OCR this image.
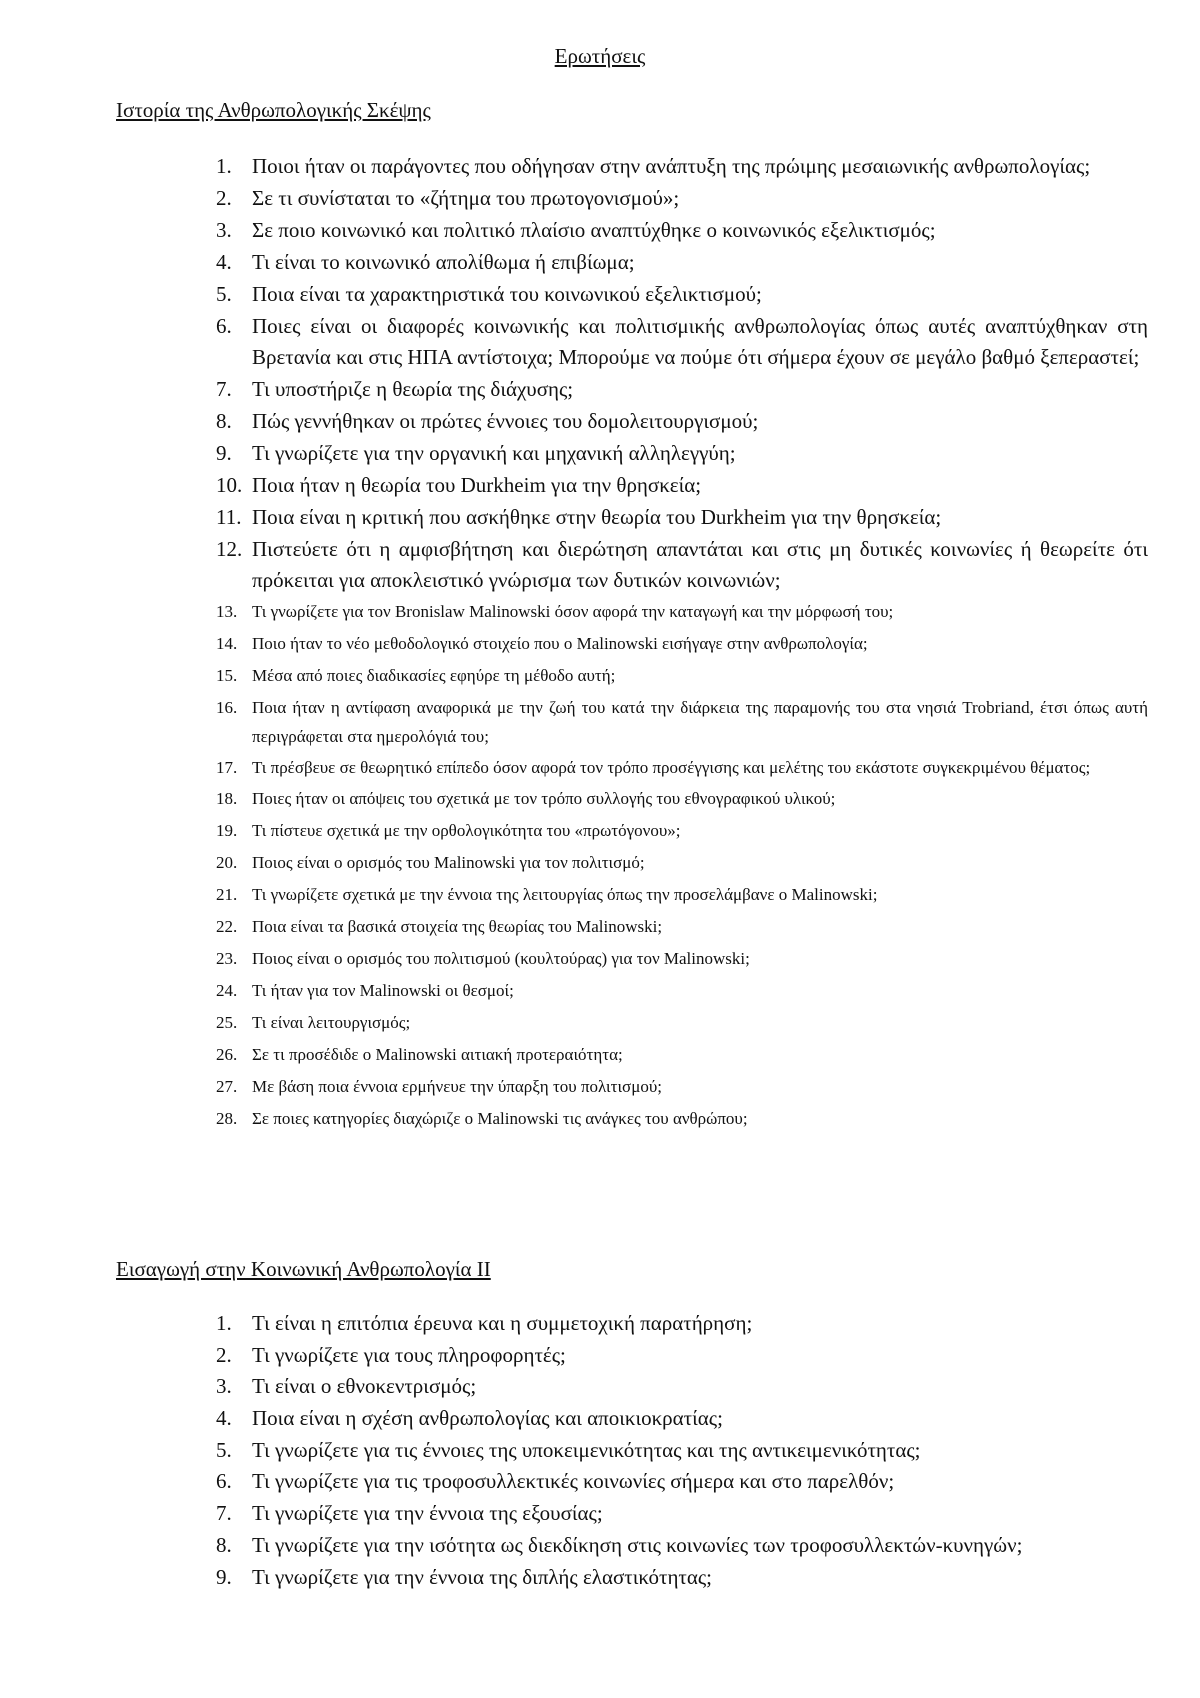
Ερωτήσεις
Ιστορία της Ανθρωπολογικής Σκέψης
1. Ποιοι ήταν οι παράγοντες που οδήγησαν στην ανάπτυξη της πρώιμης μεσαιωνικής ανθρωπολογίας;
2. Σε τι συνίσταται το «ζήτημα του πρωτογονισμού»;
3. Σε ποιο κοινωνικό και πολιτικό πλαίσιο αναπτύχθηκε ο κοινωνικός εξελικτισμός;
4. Τι είναι το κοινωνικό απολίθωμα ή επιβίωμα;
5. Ποια είναι τα χαρακτηριστικά του κοινωνικού εξελικτισμού;
6. Ποιες είναι οι διαφορές κοινωνικής και πολιτισμικής ανθρωπολογίας όπως αυτές αναπτύχθηκαν στη Βρετανία και στις ΗΠΑ αντίστοιχα; Μπορούμε να πούμε ότι σήμερα έχουν σε μεγάλο βαθμό ξεπεραστεί;
7. Τι υποστήριζε η θεωρία της διάχυσης;
8. Πώς γεννήθηκαν οι πρώτες έννοιες του δομολειτουργισμού;
9. Τι γνωρίζετε για την οργανική και μηχανική αλληλεγγύη;
10. Ποια ήταν η θεωρία του Durkheim για την θρησκεία;
11. Ποια είναι η κριτική που ασκήθηκε στην θεωρία του Durkheim για την θρησκεία;
12. Πιστεύετε ότι η αμφισβήτηση και διερώτηση απαντάται και στις μη δυτικές κοινωνίες ή θεωρείτε ότι πρόκειται για αποκλειστικό γνώρισμα των δυτικών κοινωνιών;
13. Τι γνωρίζετε για τον Bronislaw Malinowski όσον αφορά την καταγωγή και την μόρφωσή του;
14. Ποιο ήταν το νέο μεθοδολογικό στοιχείο που ο Malinowski εισήγαγε στην ανθρωπολογία;
15. Μέσα από ποιες διαδικασίες εφηύρε τη μέθοδο αυτή;
16. Ποια ήταν η αντίφαση αναφορικά με την ζωή του κατά την διάρκεια της παραμονής του στα νησιά Trobriand, έτσι όπως αυτή περιγράφεται στα ημερολόγιά του;
17. Τι πρέσβευε σε θεωρητικό επίπεδο όσον αφορά τον τρόπο προσέγγισης και μελέτης του εκάστοτε συγκεκριμένου θέματος;
18. Ποιες ήταν οι απόψεις του σχετικά με τον τρόπο συλλογής του εθνογραφικού υλικού;
19. Τι πίστευε σχετικά με την ορθολογικότητα του «πρωτόγονου»;
20. Ποιος είναι ο ορισμός του Malinowski για τον πολιτισμό;
21. Τι γνωρίζετε σχετικά με την έννοια της λειτουργίας όπως την προσελάμβανε ο Malinowski;
22. Ποια είναι τα βασικά στοιχεία της θεωρίας του Malinowski;
23. Ποιος είναι ο ορισμός του πολιτισμού (κουλτούρας) για τον Malinowski;
24. Τι ήταν για τον Malinowski οι θεσμοί;
25. Τι είναι λειτουργισμός;
26. Σε τι προσέδιδε ο Malinowski αιτιακή προτεραιότητα;
27. Με βάση ποια έννοια ερμήνευε την ύπαρξη του πολιτισμού;
28. Σε ποιες κατηγορίες διαχώριζε ο Malinowski τις ανάγκες του ανθρώπου;
Εισαγωγή στην Κοινωνική Ανθρωπολογία ΙΙ
1. Τι είναι η επιτόπια έρευνα και η συμμετοχική παρατήρηση;
2. Τι γνωρίζετε για τους πληροφορητές;
3. Τι είναι ο εθνοκεντρισμός;
4. Ποια είναι η σχέση ανθρωπολογίας και αποικιοκρατίας;
5. Τι γνωρίζετε για τις έννοιες της υποκειμενικότητας και της αντικειμενικότητας;
6. Τι γνωρίζετε για τις τροφοσυλλεκτικές κοινωνίες σήμερα και στο παρελθόν;
7. Τι γνωρίζετε για την έννοια της εξουσίας;
8. Τι γνωρίζετε για την ισότητα ως διεκδίκηση στις κοινωνίες των τροφοσυλλεκτών-κυνηγών;
9. Τι γνωρίζετε για την έννοια της διπλής ελαστικότητας;
